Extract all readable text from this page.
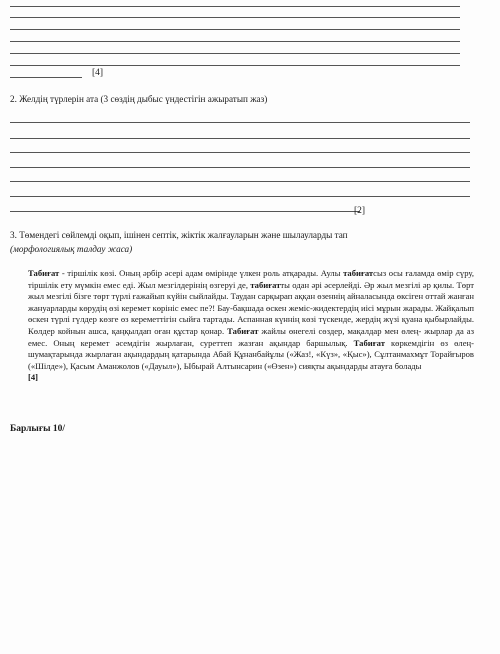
[4]
2. Желдің түрлерін ата (3 сөздің дыбыс үндестігін ажыратып жаз)
[2]
3. Төмендегі сөйлемді оқып, ішінен септік, жіктік жалғауларын және шылауларды тап
(морфологиялық талдау жаса)
Табиғат - тіршілік көзі. Оның әрбір әсері адам өмірінде үлкен роль атқарады. Аулы табиғатсыз осы ғаламда өмір сүру, тіршілік ету мүмкін емес еді. Жыл мезгілдерінің өзгеруі де, табиғатты одан әрі әсерлейді. Әр жыл мезгілі әр қилы. Төрт жыл мезгілі бізге төрт түрлі ғажайып күйін сыйлайды. Таудан сарқырап аққан өзеннің айналасында өксіген оттай жанған жануарларды көрудің өзі керемет көрініс емес пе?! Бау-бақшада өскен жеміс-жидектердің иісі мұрын жарады. Жайқалып өскен түрлі гүлдер көзге өз кереметтігін сыйға тартады. Аспанная күннің көзі түскенде, жердің жүзі қуана қыбырлайды. Көлдер койнын ашса, қаңқылдап оған құстар қонар. Табиғат жайлы өнегелі сөздер, мақалдар мен өлең- жырлар да аз емес. Оның керемет әсемдігін жырлаған, суреттеп жазған ақындар баршылық. Табиғат көркемдігін өз өлең-шумақтарында жырлаған ақындардың қатарында Абай Құнанбайұлы («Жаз!, «Күз», «Қыс»), Сұлтанмахмұт Торайғыров («Шілде»), Қасым Аманжолов («Дауыл»), Ыбырай Алтынсарин («Өзен») сияқты ақындарды атауға болады
[4]
Барлығы 10/
